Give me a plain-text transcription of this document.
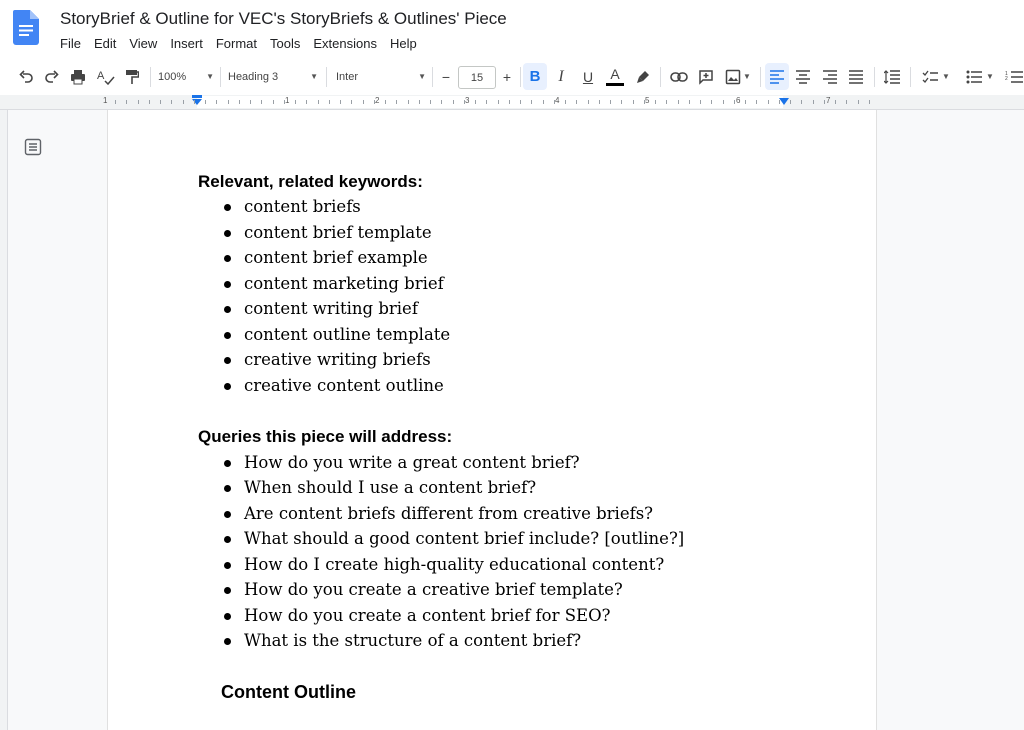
StoryBrief & Outline for VEC's StoryBriefs & Outlines' Piece
File Edit View Insert Format Tools Extensions Help
A	100% ▼ Heading 3	▼ Inter	▼	−	15	+	B	I	U	A	▼	▼	▼ 1
2
1	1	2	3	4	5	6	7
Relevant, related keywords:
content briefs
content brief template
content brief example
content marketing brief
content writing brief
content outline template
creative writing briefs
creative content outline
Queries this piece will address:
How do you write a great content brief?
When should I use a content brief?
Are content briefs different from creative briefs?
What should a good content brief include? [outline?]
How do I create high-quality educational content?
How do you create a creative brief template?
How do you create a content brief for SEO?
What is the structure of a content brief?
Content Outline
